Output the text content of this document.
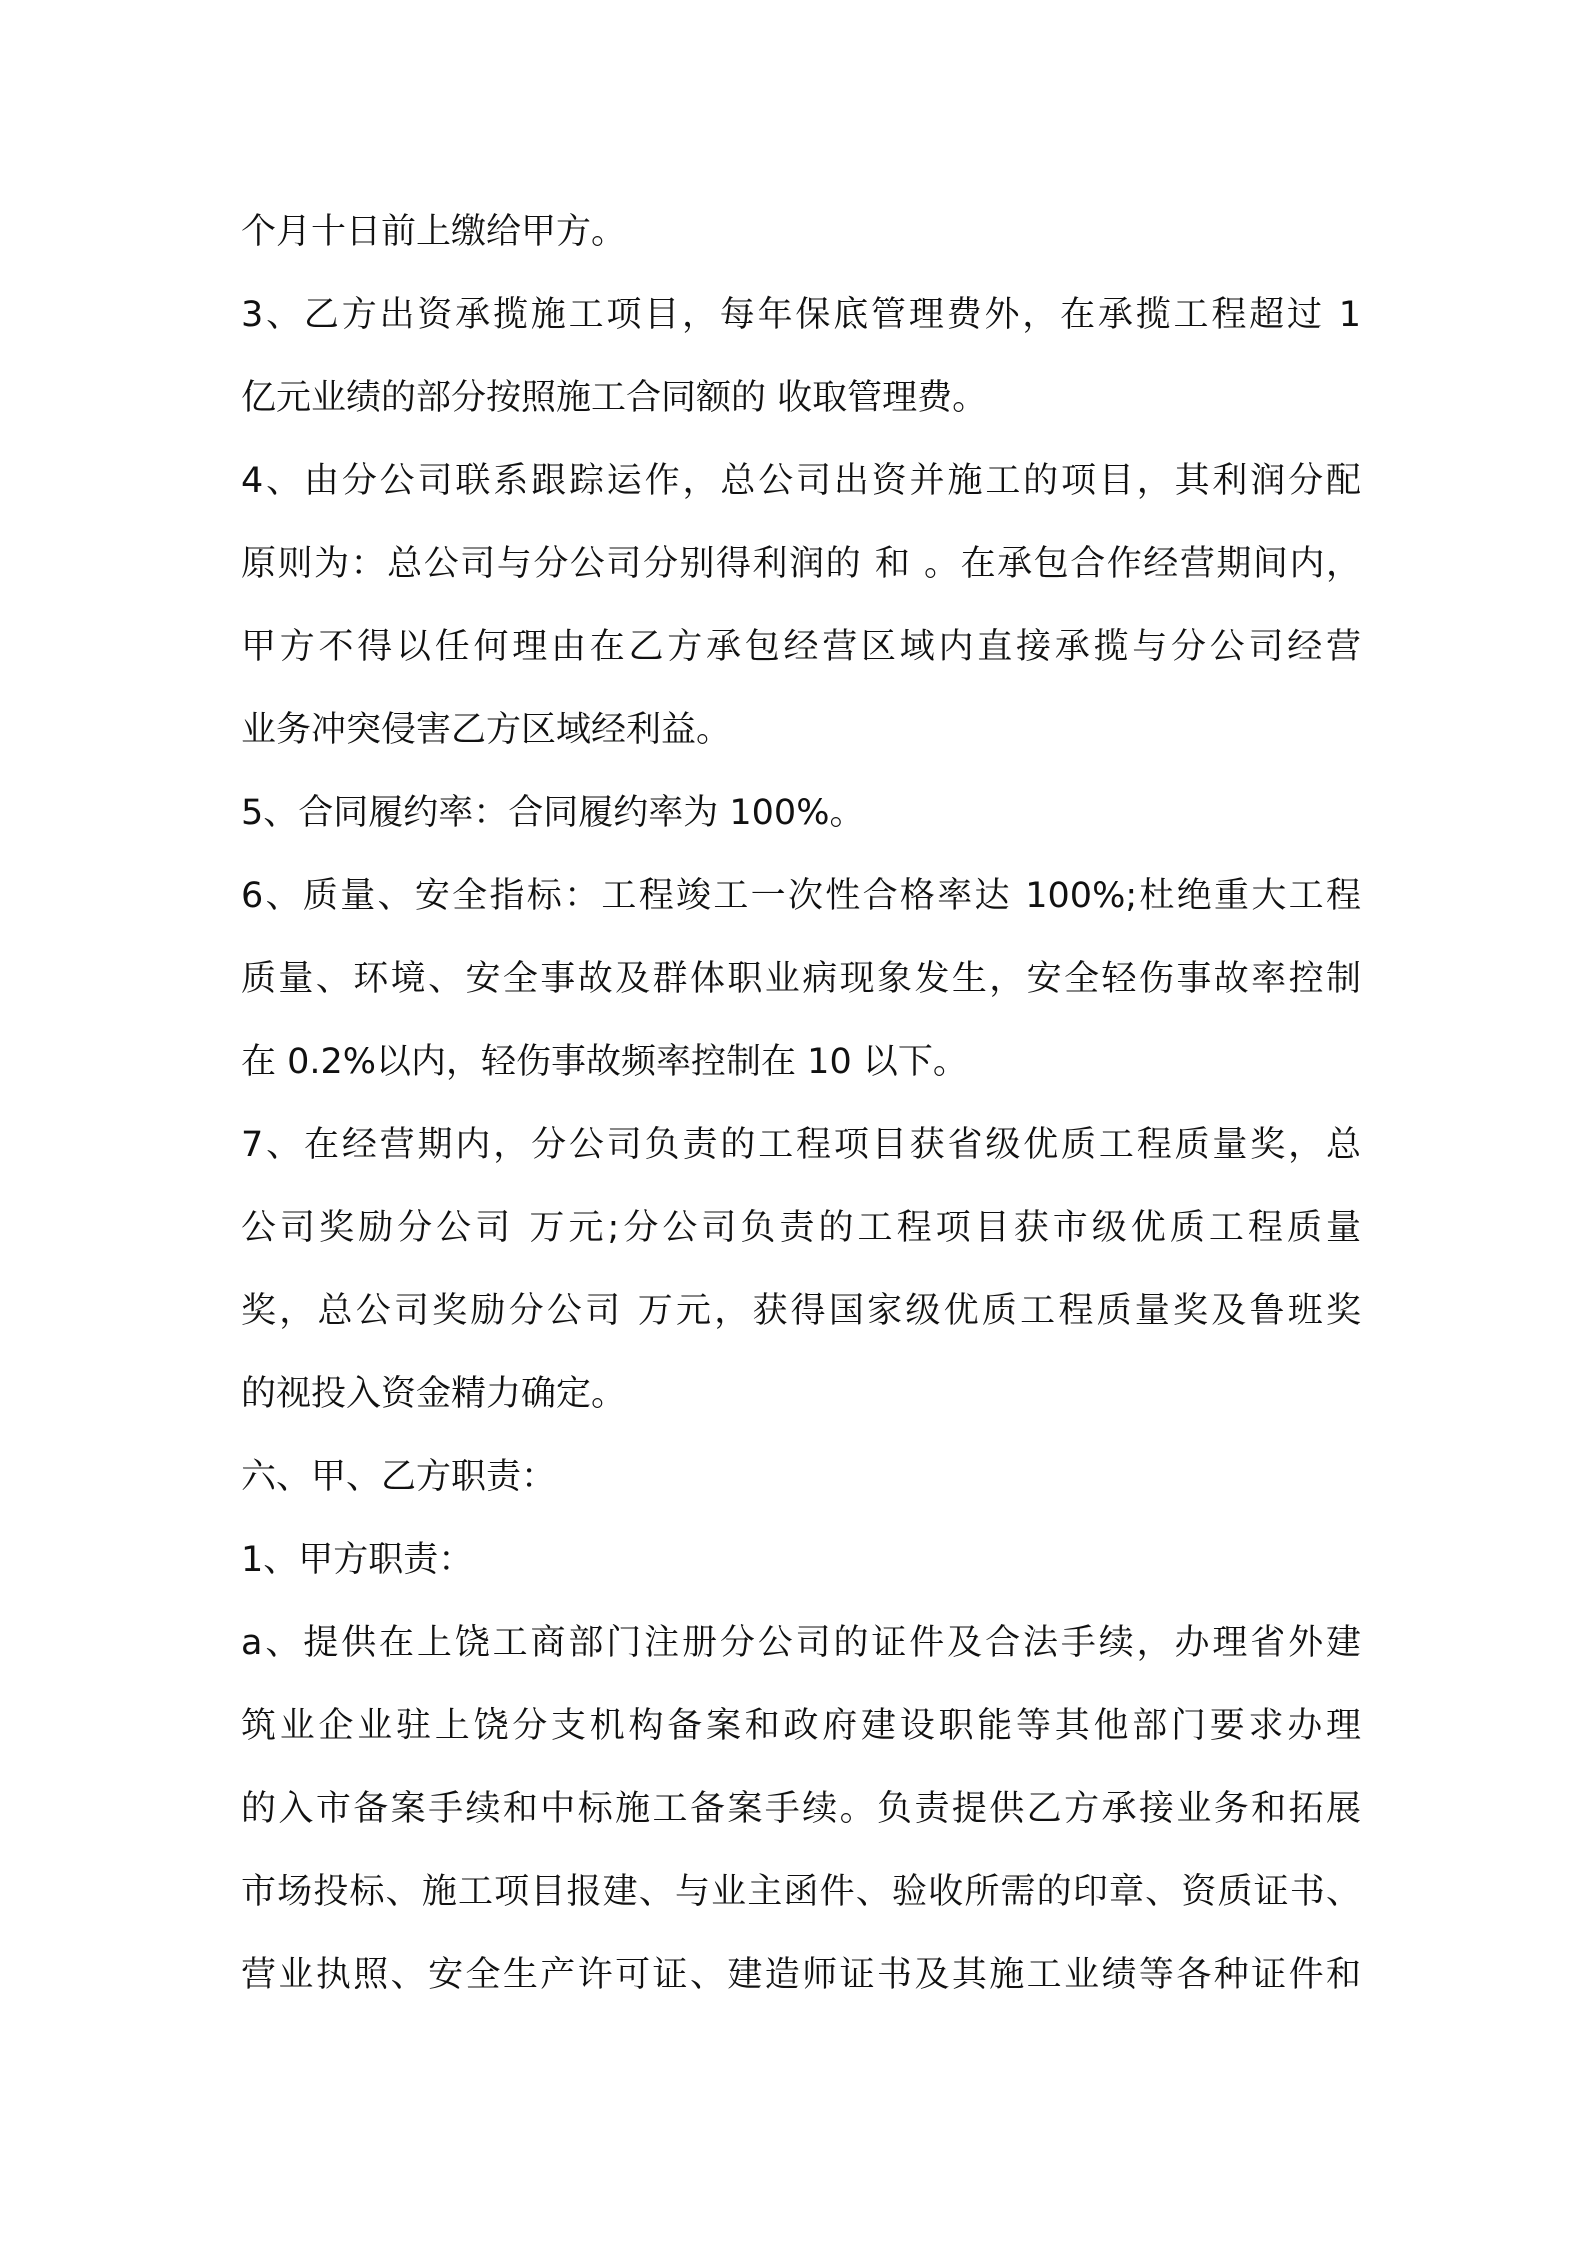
个月十日前上缴给甲方。
3、乙方出资承揽施工项目，每年保底管理费外，在承揽工程超过 1
亿元业绩的部分按照施工合同额的 收取管理费。
4、由分公司联系跟踪运作，总公司出资并施工的项目，其利润分配
原则为：总公司与分公司分别得利润的 和 。在承包合作经营期间内，
甲方不得以任何理由在乙方承包经营区域内直接承揽与分公司经营
业务冲突侵害乙方区域经利益。
5、合同履约率：合同履约率为 100%。
6、质量、安全指标：工程竣工一次性合格率达 100%;杜绝重大工程
质量、环境、安全事故及群体职业病现象发生，安全轻伤事故率控制
在 0.2%以内，轻伤事故频率控制在 10 以下。
7、在经营期内，分公司负责的工程项目获省级优质工程质量奖，总
公司奖励分公司 万元;分公司负责的工程项目获市级优质工程质量
奖，总公司奖励分公司 万元，获得国家级优质工程质量奖及鲁班奖
的视投入资金精力确定。
六、甲、乙方职责：
1、甲方职责：
a、提供在上饶工商部门注册分公司的证件及合法手续，办理省外建
筑业企业驻上饶分支机构备案和政府建设职能等其他部门要求办理
的入市备案手续和中标施工备案手续。负责提供乙方承接业务和拓展
市场投标、施工项目报建、与业主函件、验收所需的印章、资质证书、
营业执照、安全生产许可证、建造师证书及其施工业绩等各种证件和
